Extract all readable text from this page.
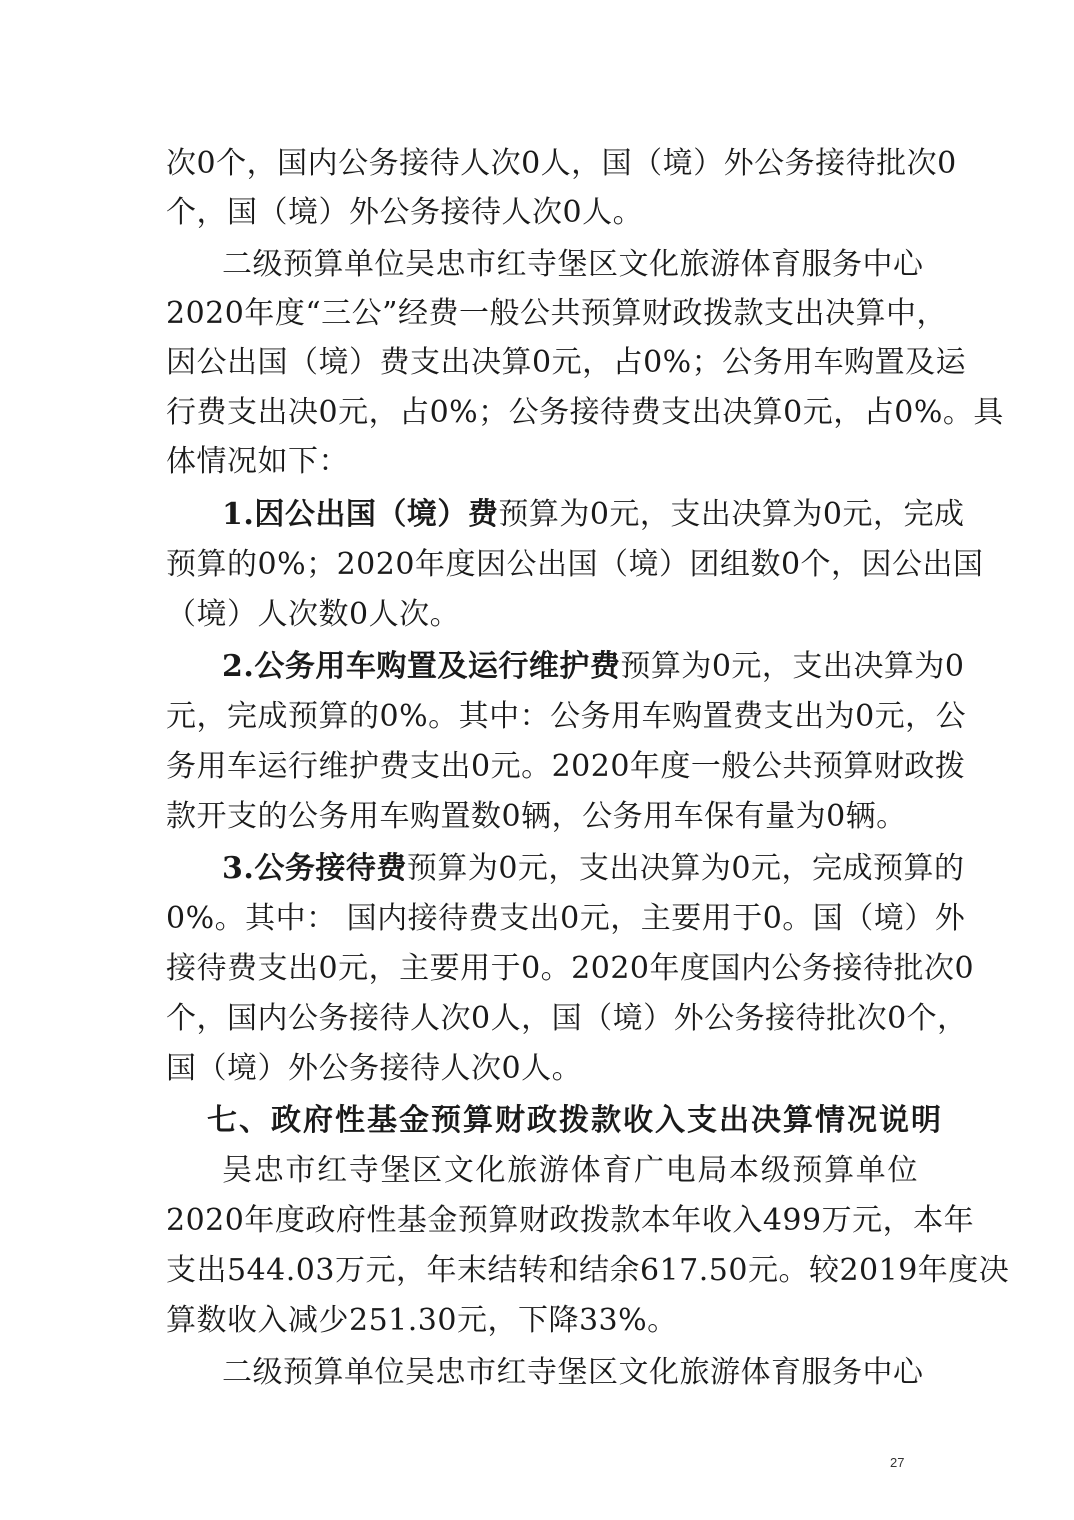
次0个，国内公务接待人次0人，国（境）外公务接待批次0
个，国（境）外公务接待人次0人。
二级预算单位吴忠市红寺堡区文化旅游体育服务中心
2020年度“三公”经费一般公共预算财政拨款支出决算中，
因公出国（境）费支出决算0元，占0%；公务用车购置及运
行费支出决0元，占0%；公务接待费支出决算0元，占0%。具
体情况如下：
1.因公出国（境）费预算为0元，支出决算为0元，完成
预算的0%；2020年度因公出国（境）团组数0个，因公出国
（境）人次数0人次。
2.公务用车购置及运行维护费预算为0元，支出决算为0
元，完成预算的0%。其中：公务用车购置费支出为0元，公
务用车运行维护费支出0元。2020年度一般公共预算财政拨
款开支的公务用车购置数0辆，公务用车保有量为0辆。
3.公务接待费预算为0元，支出决算为0元，完成预算的
0%。其中： 国内接待费支出0元，主要用于0。国（境）外
接待费支出0元，主要用于0。2020年度国内公务接待批次0
个，国内公务接待人次0人，国（境）外公务接待批次0个，
国（境）外公务接待人次0人。
七、政府性基金预算财政拨款收入支出决算情况说明
吴忠市红寺堡区文化旅游体育广电局本级预算单位
2020年度政府性基金预算财政拨款本年收入499万元，本年
支出544.03万元，年末结转和结余617.50元。较2019年度决
算数收入减少251.30元，下降33%。
二级预算单位吴忠市红寺堡区文化旅游体育服务中心
27
